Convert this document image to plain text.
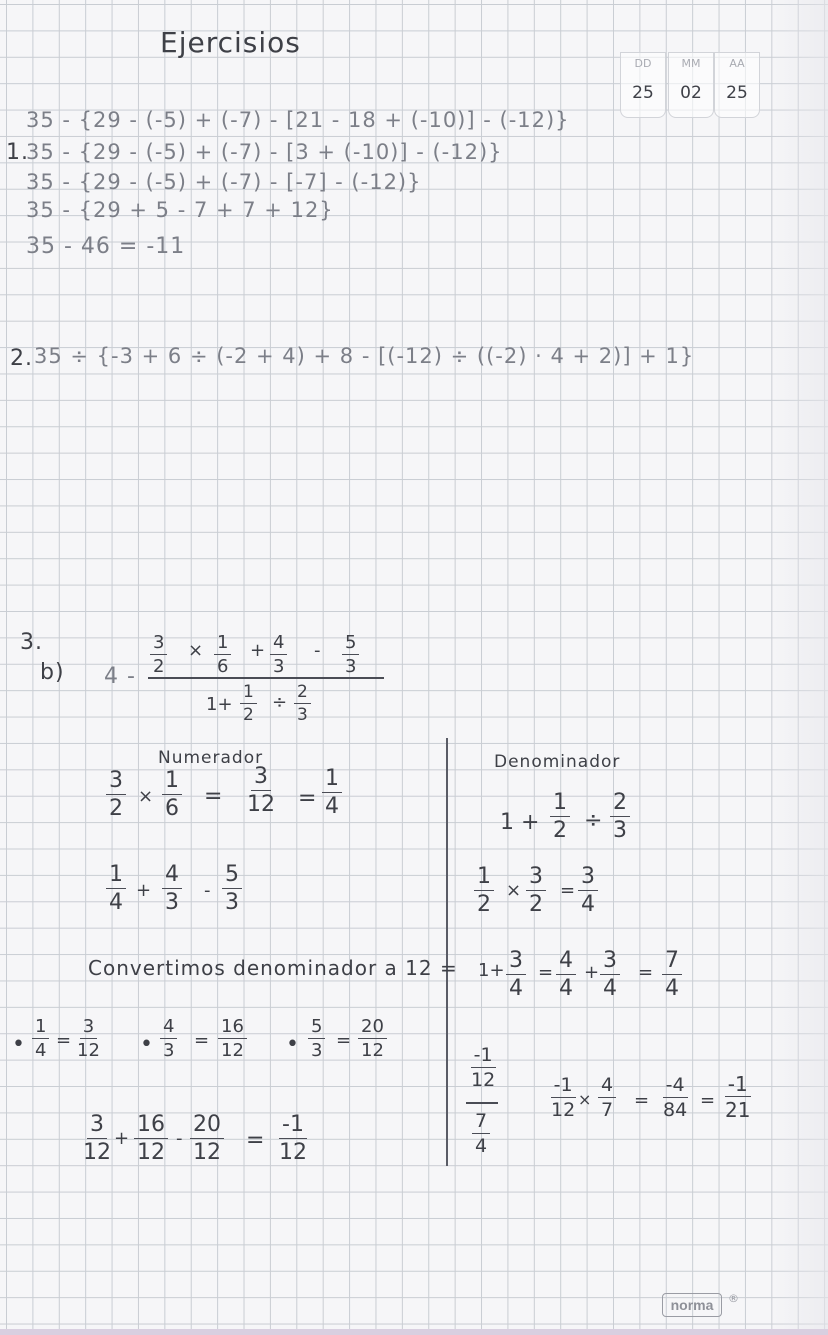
Ejercisios
DD
25
MM
02
AA
25
1.
35 - {29 - (-5) + (-7) - [21 - 18 + (-10)] - (-12)}
35 - {29 - (-5) + (-7) - [3 + (-10)] - (-12)}
35 - {29 - (-5) + (-7) - [-7] - (-12)}
35 - {29 + 5 - 7 + 7 + 12}
35 - 46 = -11
2. 35 ÷ {-3 + 6 ÷ (-2 + 4) + 8 - [(-12) ÷ ((-2) · 4 + 2)] + 1}
3.
b) 4 -
$\frac{3}{2} \times \frac{1}{6} + \frac{4}{3} - \frac{5}{3}$
$1+ \frac{1}{2} \div \frac{2}{3}$
Numerador
$\frac{3}{2} \times \frac{1}{6} = \frac{3}{12} = \frac{1}{4}$
$\frac{1}{4} + \frac{4}{3} - \frac{5}{3}$
Convertimos denominador a 12 =
• $\frac{1}{4} = \frac{3}{12}$ • $\frac{4}{3} = \frac{16}{12}$ • $\frac{5}{3} = \frac{20}{12}$
$\frac{3}{12} + \frac{16}{12} - \frac{20}{12} = \frac{-1}{12}$
Denominador
$1 + \frac{1}{2} \div \frac{2}{3}$
$\frac{1}{2} \times \frac{3}{2} = \frac{3}{4}$
$1+ \frac{3}{4} = \frac{4}{4} + \frac{3}{4} = \frac{7}{4}$
$\frac{-1}{12}$
$\frac{7}{4}$
$\frac{-1}{12} \times \frac{4}{7} = \frac{-4}{84} = \frac{-1}{21}$
norma	®
